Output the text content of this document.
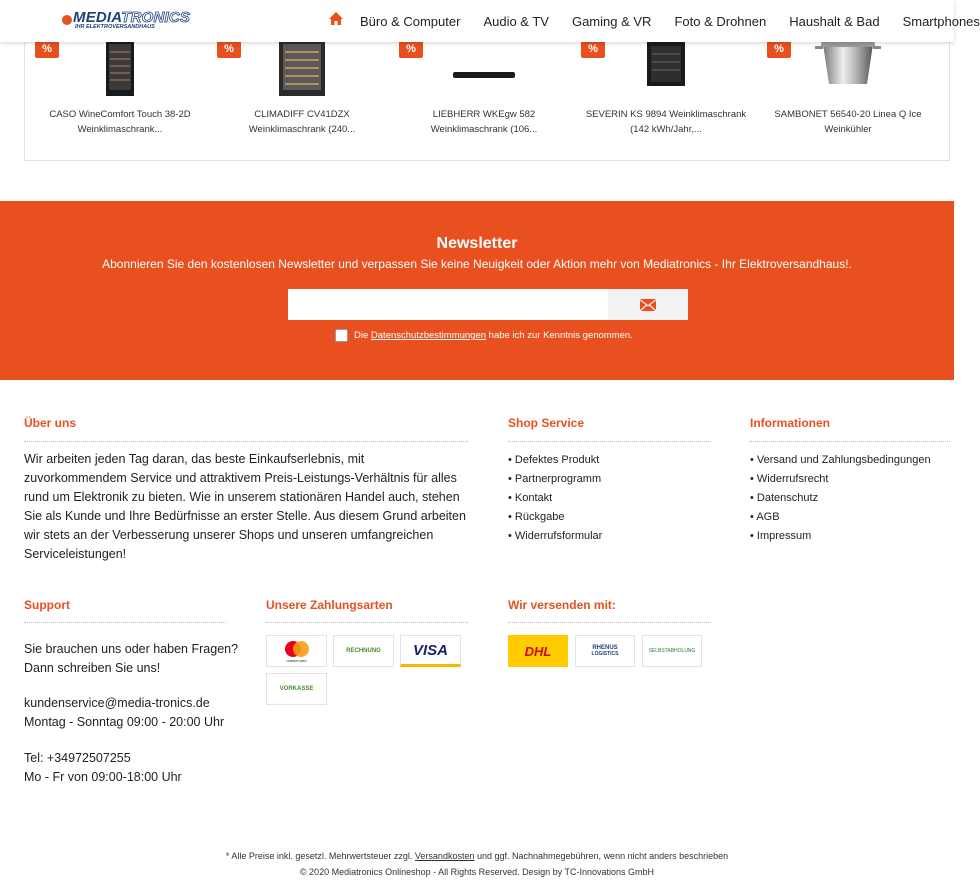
%
CASO WineComfort Touch 38-2D
Weinklimaschrank...
%
CLIMADIFF CV41DZX
Weinklimaschrank (240...
%
LIEBHERR WKEgw 582
Weinklimaschrank (106...
%
SEVERIN KS 9894 Weinklimaschrank
(142 kWh/Jahr,...
%
SAMBONET 56540-20 Linea Q Ice
Weinkühler
MEDIATRONICS
IHR ELEKTROVERSANDHAUS	Büro & Computer Audio & TV Gaming & VR Foto & Drohnen Haushalt & Bad Smartphones
Newsletter
Abonnieren Sie den kostenlosen Newsletter und verpassen Sie keine Neuigkeit oder Aktion mehr von Mediatronics - Ihr Elektroversandhaus!.
Die Datenschutzbestimmungen habe ich zur Kenntnis genommen.
Über uns
Wir arbeiten jeden Tag daran, das beste Einkaufserlebnis, mit zuvorkommendem Service und attraktivem Preis-Leistungs-Verhältnis für alles rund um Elektronik zu bieten. Wie in unserem stationären Handel auch, stehen Sie als Kunde und Ihre Bedürfnisse an erster Stelle. Aus diesem Grund arbeiten wir stets an der Verbesserung unserer Shops und unseren umfangreichen Serviceleistungen!
Shop Service
• Defektes Produkt
• Partnerprogramm
• Kontakt
• Rückgabe
• Widerrufsformular
Informationen
• Versand und Zahlungsbedingungen
• Widerrufsrecht
• Datenschutz
• AGB
• Impressum
Support
Sie brauchen uns oder haben Fragen?
Dann schreiben Sie uns!
kundenservice@media-tronics.de
Montag - Sonntag 09:00 - 20:00 Uhr
Tel: +34972507255
Mo - Fr von 09:00-18:00 Uhr
Unsere Zahlungsarten
mastercard
RECHNUNG	VISA
VORKASSE
Wir versenden mit:
DHL	RHENUS
LOGISTICS	SELBSTABHOLUNG
* Alle Preise inkl. gesetzl. Mehrwertsteuer zzgl. Versandkosten und ggf. Nachnahmegebühren, wenn nicht anders beschrieben
© 2020 Mediatronics Onlineshop - All Rights Reserved. Design by TC-Innovations GmbH
